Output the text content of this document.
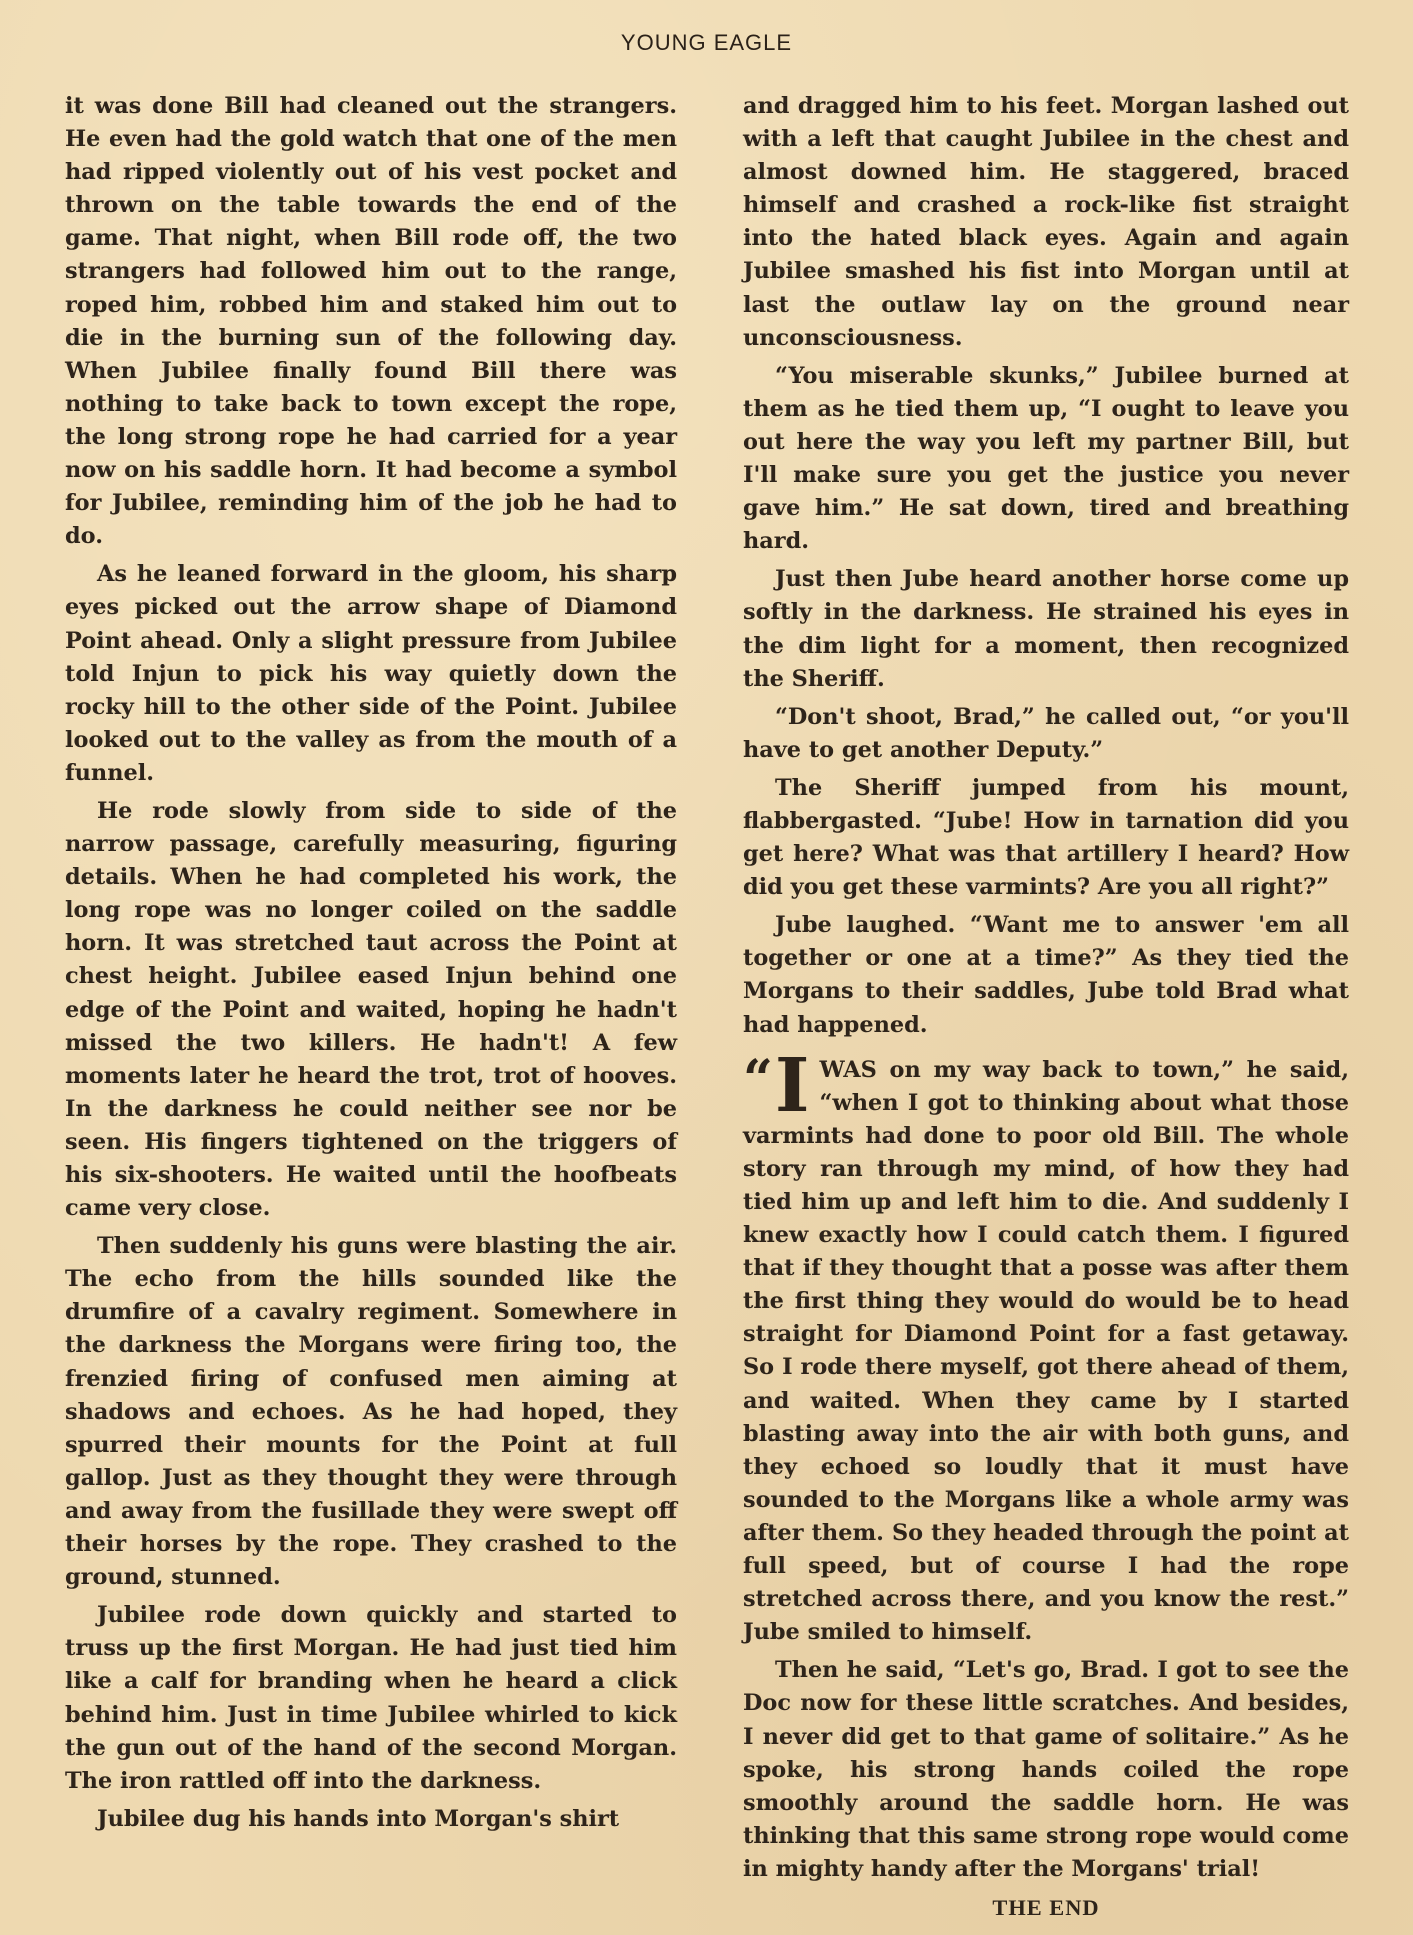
YOUNG EAGLE

it was done Bill had cleaned out the strangers. He even had the gold watch that one of the men had ripped violently out of his vest pocket and thrown on the table towards the end of the game. That night, when Bill rode off, the two strangers had followed him out to the range, roped him, robbed him and staked him out to die in the burning sun of the following day. When Jubilee finally found Bill there was nothing to take back to town except the rope, the long strong rope he had carried for a year now on his saddle horn. It had become a symbol for Jubilee, reminding him of the job he had to do.

As he leaned forward in the gloom, his sharp eyes picked out the arrow shape of Diamond Point ahead. Only a slight pressure from Jubilee told Injun to pick his way quietly down the rocky hill to the other side of the Point. Jubilee looked out to the valley as from the mouth of a funnel.

He rode slowly from side to side of the narrow passage, carefully measuring, figuring details. When he had completed his work, the long rope was no longer coiled on the saddle horn. It was stretched taut across the Point at chest height. Jubilee eased Injun behind one edge of the Point and waited, hoping he hadn't missed the two killers. He hadn't! A few moments later he heard the trot, trot of hooves. In the darkness he could neither see nor be seen. His fingers tightened on the triggers of his six-shooters. He waited until the hoofbeats came very close.

Then suddenly his guns were blasting the air. The echo from the hills sounded like the drumfire of a cavalry regiment. Somewhere in the darkness the Morgans were firing too, the frenzied firing of confused men aiming at shadows and echoes. As he had hoped, they spurred their mounts for the Point at full gallop. Just as they thought they were through and away from the fusillade they were swept off their horses by the rope. They crashed to the ground, stunned.

Jubilee rode down quickly and started to truss up the first Morgan. He had just tied him like a calf for branding when he heard a click behind him. Just in time Jubilee whirled to kick the gun out of the hand of the second Morgan. The iron rattled off into the darkness.

Jubilee dug his hands into Morgan's shirt

and dragged him to his feet. Morgan lashed out with a left that caught Jubilee in the chest and almost downed him. He staggered, braced himself and crashed a rock-like fist straight into the hated black eyes. Again and again Jubilee smashed his fist into Morgan until at last the outlaw lay on the ground near unconsciousness.

“You miserable skunks,” Jubilee burned at them as he tied them up, “I ought to leave you out here the way you left my partner Bill, but I'll make sure you get the justice you never gave him.” He sat down, tired and breathing hard.

Just then Jube heard another horse come up softly in the darkness. He strained his eyes in the dim light for a moment, then recognized the Sheriff.

“Don't shoot, Brad,” he called out, “or you'll have to get another Deputy.”

The Sheriff jumped from his mount, flabbergasted. “Jube! How in tarnation did you get here? What was that artillery I heard? How did you get these varmints? Are you all right?”

Jube laughed. “Want me to answer 'em all together or one at a time?” As they tied the Morgans to their saddles, Jube told Brad what had happened.

“ I WAS on my way back to town,” he said, “when I got to thinking about what those varmints had done to poor old Bill. The whole story ran through my mind, of how they had tied him up and left him to die. And suddenly I knew exactly how I could catch them. I figured that if they thought that a posse was after them the first thing they would do would be to head straight for Diamond Point for a fast getaway. So I rode there myself, got there ahead of them, and waited. When they came by I started blasting away into the air with both guns, and they echoed so loudly that it must have sounded to the Morgans like a whole army was after them. So they headed through the point at full speed, but of course I had the rope stretched across there, and you know the rest.” Jube smiled to himself.

Then he said, “Let's go, Brad. I got to see the Doc now for these little scratches. And besides, I never did get to that game of solitaire.” As he spoke, his strong hands coiled the rope smoothly around the saddle horn. He was thinking that this same strong rope would come in mighty handy after the Morgans' trial!

THE END
